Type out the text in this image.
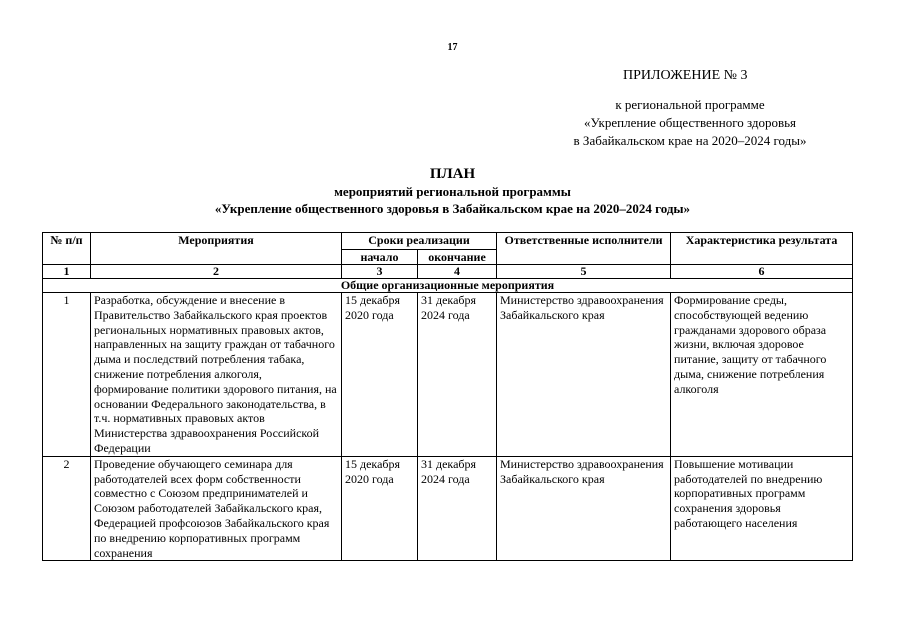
17
ПРИЛОЖЕНИЕ № 3
к региональной программе
«Укрепление общественного здоровья
в Забайкальском крае на 2020–2024 годы»
ПЛАН
мероприятий региональной программы
«Укрепление общественного здоровья в Забайкальском крае на 2020–2024 годы»
№ п/п	Мероприятия	Сроки реализации		Ответственные исполнители	Характеристика результата
		начало	окончание		
1	2	3	4	5	6
Общие организационные мероприятия					
1	Разработка, обсуждение и внесение в Правительство Забайкальского края проектов региональных нормативных правовых актов, направленных на защиту граждан от табачного дыма и последствий потребления табака, снижение потребления алкоголя, формирование политики здорового питания, на основании Федерального законодательства, в т.ч. нормативных правовых актов Министерства здравоохранения Российской Федерации	15 декабря 2020 года	31 декабря 2024 года	Министерство здравоохранения Забайкальского края	Формирование среды, способствующей ведению гражданами здорового образа жизни, включая здоровое питание, защиту от табачного дыма, снижение потребления алкоголя
2	Проведение обучающего семинара для работодателей всех форм собственности совместно с Союзом предпринимателей и Союзом работодателей Забайкальского края, Федерацией профсоюзов Забайкальского края по внедрению корпоративных программ сохранения	15 декабря 2020 года	31 декабря 2024 года	Министерство здравоохранения Забайкальского края	Повышение мотивации работодателей по внедрению корпоративных программ сохранения здоровья работающего населения
